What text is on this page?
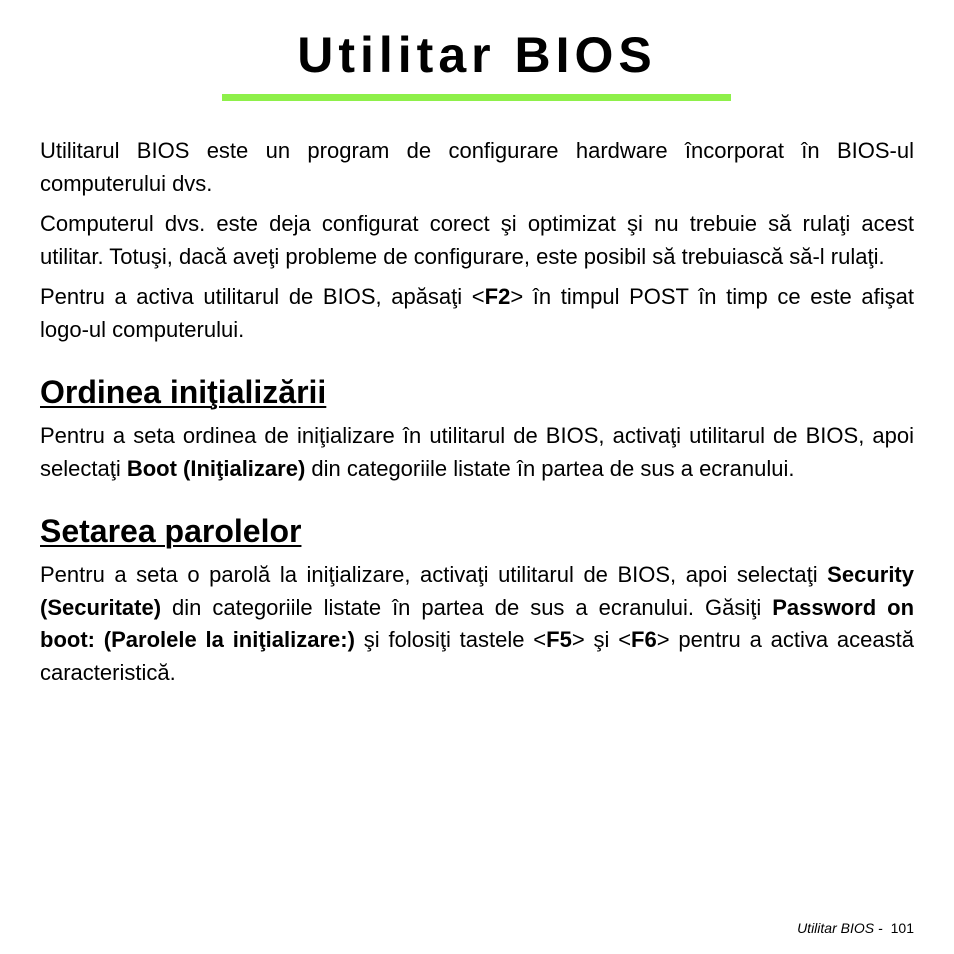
Utilitar BIOS

Utilitarul BIOS este un program de configurare hardware încorporat în BIOS-ul computerului dvs.

Computerul dvs. este deja configurat corect şi optimizat şi nu trebuie să rulaţi acest utilitar. Totuşi, dacă aveţi probleme de configurare, este posibil să trebuiască să-l rulaţi.

Pentru a activa utilitarul de BIOS, apăsaţi <F2> în timpul POST în timp ce este afişat logo-ul computerului.

Ordinea iniţializării

Pentru a seta ordinea de iniţializare în utilitarul de BIOS, activaţi utilitarul de BIOS, apoi selectaţi Boot (Iniţializare) din categoriile listate în partea de sus a ecranului.

Setarea parolelor

Pentru a seta o parolă la iniţializare, activaţi utilitarul de BIOS, apoi selectaţi Security (Securitate) din categoriile listate în partea de sus a ecranului. Găsiţi Password on boot: (Parolele la iniţializare:) şi folosiţi tastele <F5> şi <F6> pentru a activa această caracteristică.

Utilitar BIOS - 101
